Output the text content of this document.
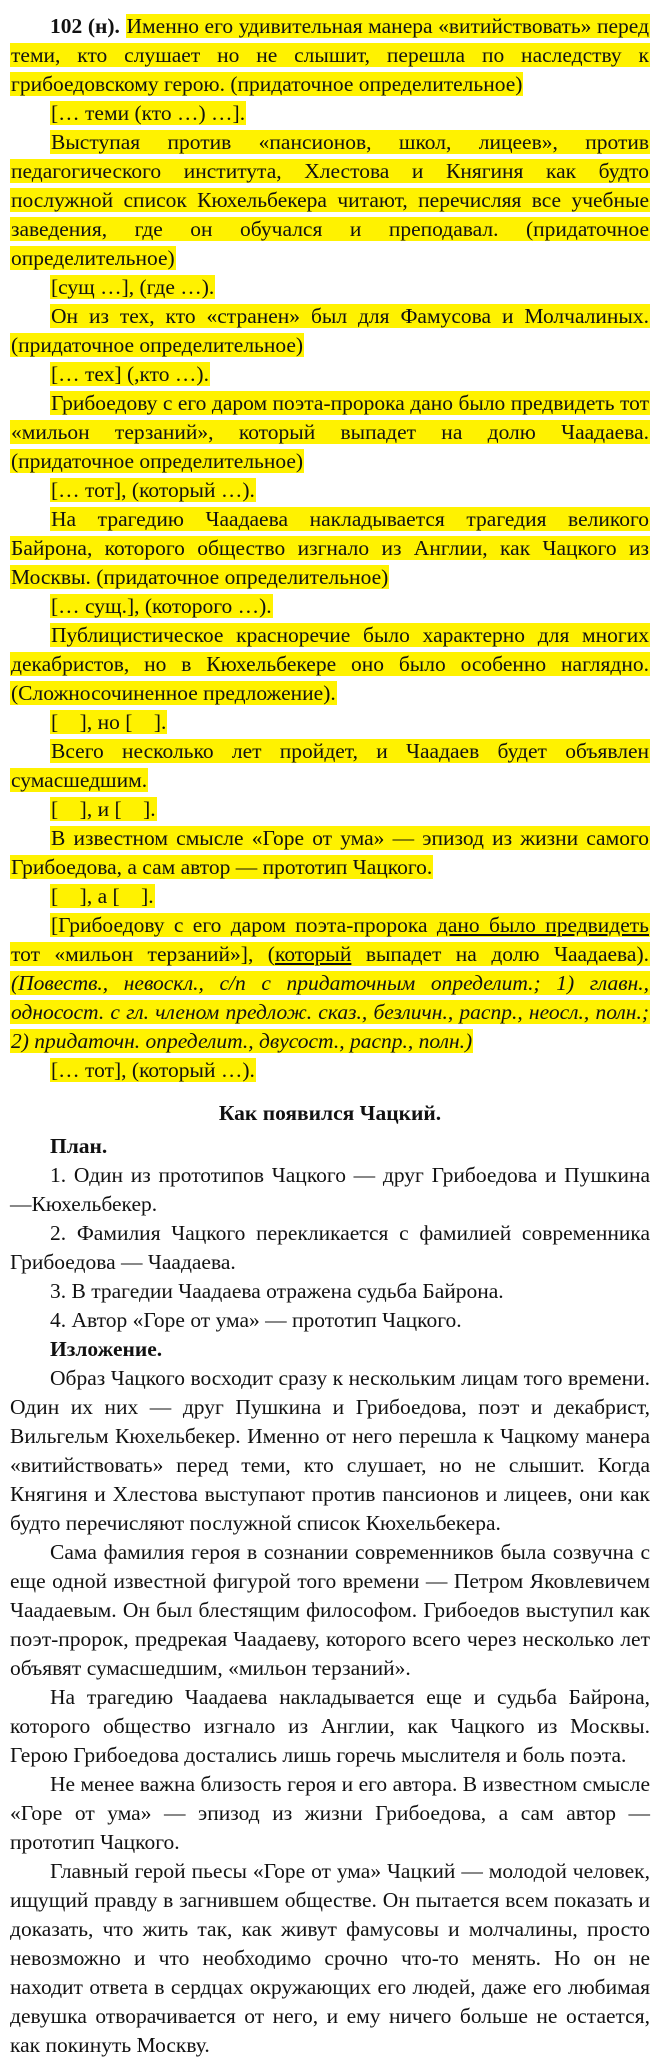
102 (н). Именно его удивительная манера «витийствовать» перед теми, кто слушает но не слышит, перешла по наследству к грибоедовскому герою. (придаточное определительное)

[… теми (кто …) …].

Выступая против «пансионов, школ, лицеев», против педагогического института, Хлестова и Княгиня как будто послужной список Кюхельбекера читают, перечисляя все учебные заведения, где он обучался и преподавал. (придаточное определительное)

[сущ …], (где …).

Он из тех, кто «странен» был для Фамусова и Молчалиных. (придаточное определительное)

[… тех] (,кто …).

Грибоедову с его даром поэта-пророка дано было предвидеть тот «мильон терзаний», который выпадет на долю Чаадаева. (придаточное определительное)

[… тот], (который …).

На трагедию Чаадаева накладывается трагедия великого Байрона, которого общество изгнало из Англии, как Чацкого из Москвы. (придаточное определительное)

[… сущ.], (которого …).

Публицистическое красноречие было характерно для многих декабристов, но в Кюхельбекере оно было особенно наглядно. (Сложносочиненное предложение).

[    ], но [    ].

Всего несколько лет пройдет, и Чаадаев будет объявлен сумасшедшим.

[    ], и [    ].

В известном смысле «Горе от ума» — эпизод из жизни самого Грибоедова, а сам автор — прототип Чацкого.

[    ], а [    ].

[Грибоедову с его даром поэта-пророка дано было предвидеть тот «мильон терзаний»], (который выпадет на долю Чаадаева). (Повеств., невоскл., с/п с придаточным определит.; 1) главн., односост. с гл. членом предлож. сказ., безличн., распр., неосл., полн.; 2) придаточн. определит., двусост., распр., полн.)

[… тот], (который …).

Как появился Чацкий.

План.

1. Один из прототипов Чацкого — друг Грибоедова и Пушкина —Кюхельбекер.

2. Фамилия Чацкого перекликается с фамилией современника Грибоедова — Чаадаева.

3. В трагедии Чаадаева отражена судьба Байрона.

4. Автор «Горе от ума» — прототип Чацкого.

Изложение.

Образ Чацкого восходит сразу к нескольким лицам того времени. Один их них — друг Пушкина и Грибоедова, поэт и декабрист, Вильгельм Кюхельбекер. Именно от него перешла к Чацкому манера «витийствовать» перед теми, кто слушает, но не слышит. Когда Княгиня и Хлестова выступают против пансионов и лицеев, они как будто перечисляют послужной список Кюхельбекера.

Сама фамилия героя в сознании современников была созвучна с еще одной известной фигурой того времени — Петром Яковлевичем Чаадаевым. Он был блестящим философом. Грибоедов выступил как поэт-пророк, предрекая Чаадаеву, которого всего через несколько лет объявят сумасшедшим, «мильон терзаний».

На трагедию Чаадаева накладывается еще и судьба Байрона, которого общество изгнало из Англии, как Чацкого из Москвы. Герою Грибоедова достались лишь горечь мыслителя и боль поэта.

Не менее важна близость героя и его автора. В известном смысле «Горе от ума» — эпизод из жизни Грибоедова, а сам автор — прототип Чацкого.

Главный герой пьесы «Горе от ума» Чацкий — молодой человек, ищущий правду в загнившем обществе. Он пытается всем показать и доказать, что жить так, как живут фамусовы и молчалины, просто невозможно и что необходимо срочно что-то менять. Но он не находит ответа в сердцах окружающих его людей, даже его любимая девушка отворачивается от него, и ему ничего больше не остается, как покинуть Москву.
